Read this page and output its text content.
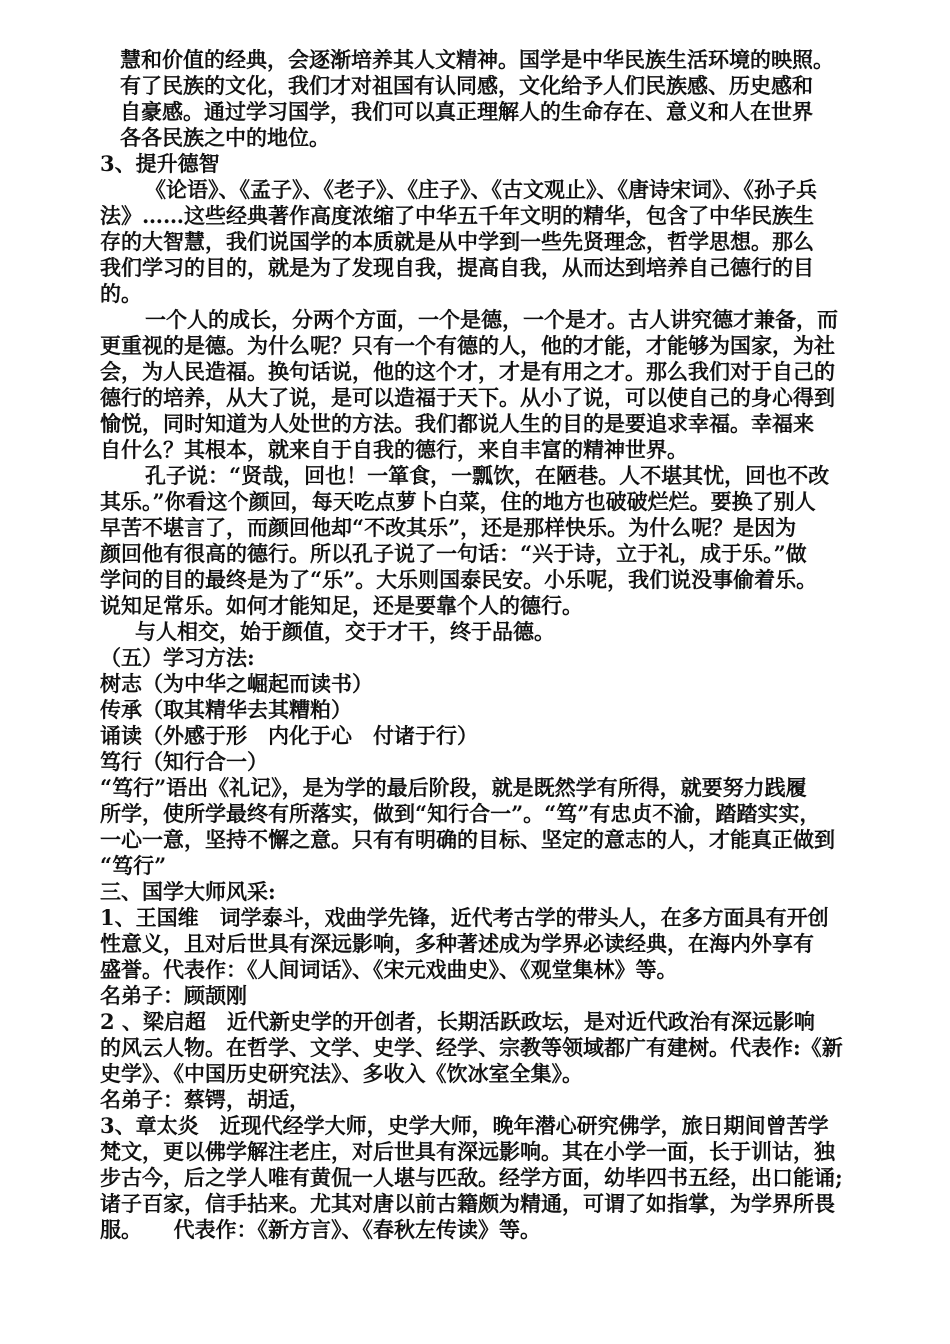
慧和价值的经典，会逐渐培养其人文精神。国学是中华民族生活环境的映照。
有了民族的文化，我们才对祖国有认同感，文化给予人们民族感、历史感和
自豪感。通过学习国学，我们可以真正理解人的生命存在、意义和人在世界
各各民族之中的地位。
3、提升德智
《论语》、《孟子》、《老子》、《庄子》、《古文观止》、《唐诗宋词》、《孙子兵
法》……这些经典著作高度浓缩了中华五千年文明的精华，包含了中华民族生
存的大智慧，我们说国学的本质就是从中学到一些先贤理念，哲学思想。那么
我们学习的目的，就是为了发现自我，提高自我，从而达到培养自己德行的目
的。
一个人的成长，分两个方面，一个是德，一个是才。古人讲究德才兼备，而
更重视的是德。为什么呢？只有一个有德的人，他的才能，才能够为国家，为社
会，为人民造福。换句话说，他的这个才，才是有用之才。那么我们对于自己的
德行的培养，从大了说，是可以造福于天下。从小了说，可以使自己的身心得到
愉悦，同时知道为人处世的方法。我们都说人生的目的是要追求幸福。幸福来
自什么？其根本，就来自于自我的德行，来自丰富的精神世界。
孔子说：“贤哉，回也！一箪食，一瓢饮，在陋巷。人不堪其忧，回也不改
其乐。”你看这个颜回，每天吃点萝卜白菜，住的地方也破破烂烂。要换了别人
早苦不堪言了，而颜回他却“不改其乐”，还是那样快乐。为什么呢？是因为
颜回他有很高的德行。所以孔子说了一句话：“兴于诗，立于礼，成于乐。”做
学问的目的最终是为了“乐”。大乐则国泰民安。小乐呢，我们说没事偷着乐。
说知足常乐。如何才能知足，还是要靠个人的德行。
与人相交，始于颜值，交于才干，终于品德。
（五）学习方法:
树志（为中华之崛起而读书）
传承（取其精华去其糟粕）
诵读（外感于形　内化于心　付诸于行）
笃行（知行合一）
“笃行”语出《礼记》，是为学的最后阶段，就是既然学有所得，就要努力践履
所学，使所学最终有所落实，做到“知行合一”。“笃”有忠贞不渝，踏踏实实，
一心一意，坚持不懈之意。只有有明确的目标、坚定的意志的人，才能真正做到
“笃行”
三、国学大师风采:
1、王国维　词学泰斗，戏曲学先锋，近代考古学的带头人，在多方面具有开创
性意义，且对后世具有深远影响，多种著述成为学界必读经典，在海内外享有
盛誉。代表作：《人间词话》、《宋元戏曲史》、《观堂集林》等。
名弟子：顾颉刚
2 、梁启超　近代新史学的开创者，长期活跃政坛，是对近代政治有深远影响
的风云人物。在哲学、文学、史学、经学、宗教等领域都广有建树。代表作:《新
史学》、《中国历史研究法》、多收入《饮冰室全集》。
名弟子：蔡锷，胡适，
3、章太炎　近现代经学大师，史学大师，晚年潜心研究佛学，旅日期间曾苦学
梵文，更以佛学解注老庄，对后世具有深远影响。其在小学一面，长于训诂，独
步古今，后之学人唯有黄侃一人堪与匹敌。经学方面，幼毕四书五经，出口能诵;
诸子百家，信手拈来。尤其对唐以前古籍颇为精通，可谓了如指掌，为学界所畏
服。　　代表作：《新方言》、《春秋左传读》等。
